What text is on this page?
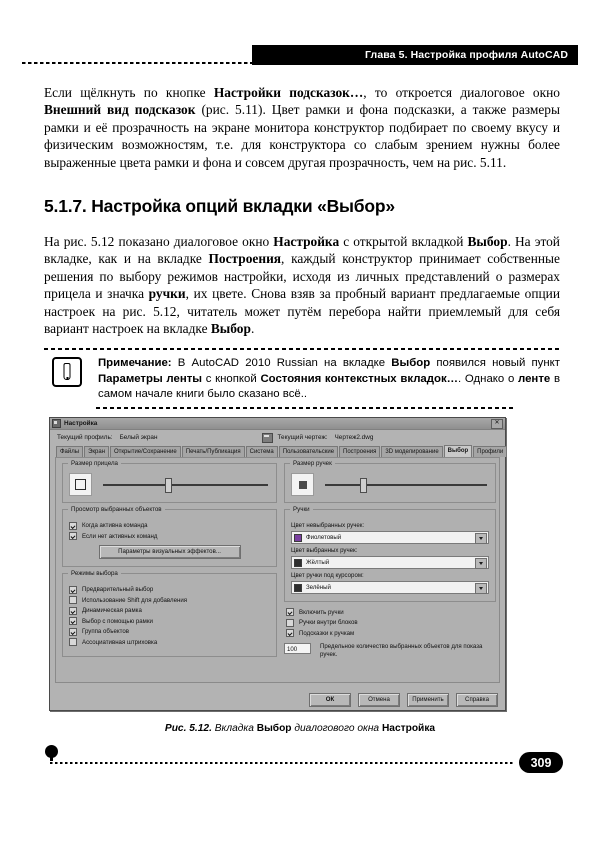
Глава 5. Настройка профиля AutoCAD

Если щёлкнуть по кнопке Настройки подсказок…, то откроется диалоговое окно Внешний вид подсказок (рис. 5.11). Цвет рамки и фона подсказки, а также размеры рамки и её прозрачность на экране монитора конструктор подбирает по своему вкусу и физическим возможностям, т.е. для конструктора со слабым зрением нужны более выраженные цвета рамки и фона и совсем другая прозрачность, чем на рис. 5.11.

5.1.7. Настройка опций вкладки «Выбор»

На рис. 5.12 показано диалоговое окно Настройка с открытой вкладкой Выбор. На этой вкладке, как и на вкладке Построения, каждый конструктор принимает собственные решения по выбору режимов настройки, исходя из личных представлений о размерах прицела и значка ручки, их цвете. Снова взяв за пробный вариант предлагаемые опции настроек на рис. 5.12, читатель может путём перебора найти приемлемый для себя вариант настроек на вкладке Выбор.

Примечание: В AutoCAD 2010 Russian на вкладке Выбор появился новый пункт Параметры ленты с кнопкой Состояния контекстных вкладок…. Однако о ленте в самом начале книги было сказано всё..
Настройка	✕
Текущий профиль: Белый экран	Текущий чертеж: Чертеж2.dwg
Файлы	Экран	Открытие/Сохранение	Печать/Публикация	Система	Пользовательские	Построения	3D моделирование	Выбор	Профили
Размер прицела
Просмотр выбранных объектов
Когда активна команда
Если нет активных команд
Параметры визуальных эффектов...
Режимы выбора
Предварительный выбор
Использование Shift для добавления
Динамическая рамка
Выбор с помощью рамки
Группа объектов
Ассоциативная штриховка
Размер ручек
Ручки
Цвет невыбранных ручек:
Фиолетовый
Цвет выбранных ручек:
Жёлтый
Цвет ручки под курсором:
Зелёный
Включить ручки
Ручки внутри блоков
Подсказки к ручкам
100	Предельное количество выбранных объектов для показа ручек.
ОК	Отмена	Применить	Справка
Рис. 5.12. Вкладка Выбор диалогового окна Настройка
309
